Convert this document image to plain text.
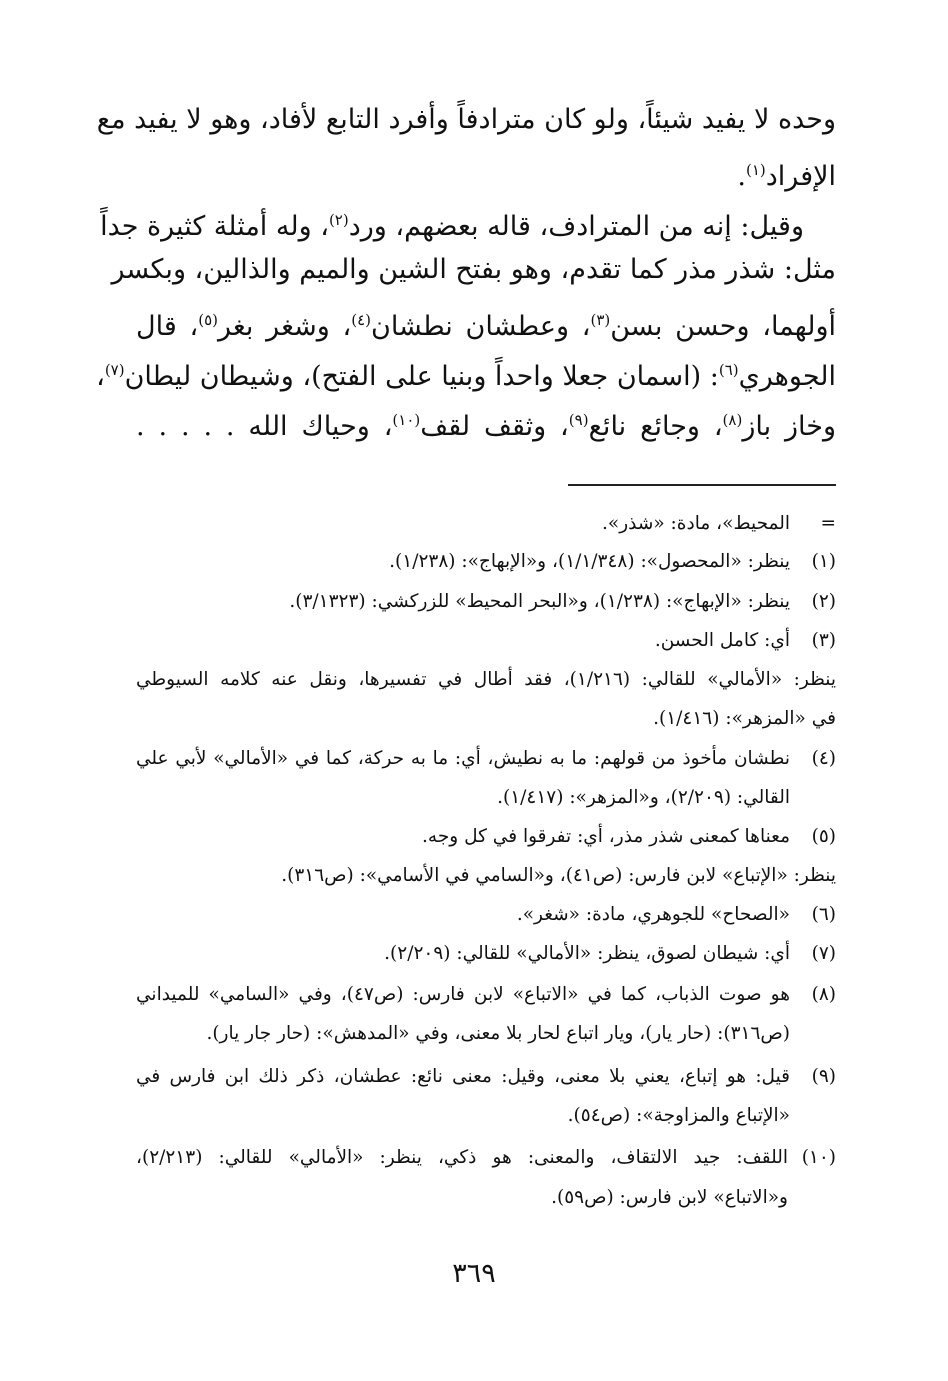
وحده لا يفيد شيئاً، ولو كان مترادفاً وأفرد التابع لأفاد، وهو لا يفيد مع
الإفراد$^{(١)}$.
وقيل: إنه من المترادف، قاله بعضهم، ورد$^{(٢)}$، وله أمثلة كثيرة جداً
مثل: شذر مذر كما تقدم، وهو بفتح الشين والميم والذالين، وبكسر
أولهما، وحسن بسن$^{(٣)}$، وعطشان نطشان$^{(٤)}$، وشغر بغر$^{(٥)}$، قال
الجوهري$^{(٦)}$: (اسمان جعلا واحداً وبنيا على الفتح)، وشيطان ليطان$^{(٧)}$،
وخاز باز$^{(٨)}$، وجائع نائع$^{(٩)}$، وثقف لقف$^{(١٠)}$، وحياك الله . . . . .
=
المحيط»، مادة: «شذر».
(١)
ينظر: «المحصول»: (١/١/٣٤٨)، و«الإبهاج»: (١/٢٣٨).
(٢)
ينظر: «الإبهاج»: (١/٢٣٨)، و«البحر المحيط» للزركشي: (٣/١٣٢٣).
(٣)
أي: كامل الحسن.
ينظر: «الأمالي» للقالي: (١/٢١٦)، فقد أطال في تفسيرها، ونقل عنه كلامه السيوطي
في «المزهر»: (١/٤١٦).
(٤)
نطشان مأخوذ من قولهم: ما به نطيش، أي: ما به حركة، كما في «الأمالي» لأبي علي
القالي: (٢/٢٠٩)، و«المزهر»: (١/٤١٧).
(٥)
معناها كمعنى شذر مذر، أي: تفرقوا في كل وجه.
ينظر: «الإتباع» لابن فارس: (ص٤١)، و«السامي في الأسامي»: (ص٣١٦).
(٦)
«الصحاح» للجوهري، مادة: «شغر».
(٧)
أي: شيطان لصوق، ينظر: «الأمالي» للقالي: (٢/٢٠٩).
(٨)
هو صوت الذباب، كما في «الاتباع» لابن فارس: (ص٤٧)، وفي «السامي» للميداني
(ص٣١٦): (حار يار)، ويار اتباع لحار بلا معنى، وفي «المدهش»: (حار جار يار).
(٩)
قيل: هو إتباع، يعني بلا معنى، وقيل: معنى نائع: عطشان، ذكر ذلك ابن فارس في
«الإتباع والمزاوجة»: (ص٥٤).
(١٠)
اللقف: جيد الالتقاف، والمعنى: هو ذكي، ينظر: «الأمالي» للقالي: (٢/٢١٣)،
و«الاتباع» لابن فارس: (ص٥٩).
٣٦٩
